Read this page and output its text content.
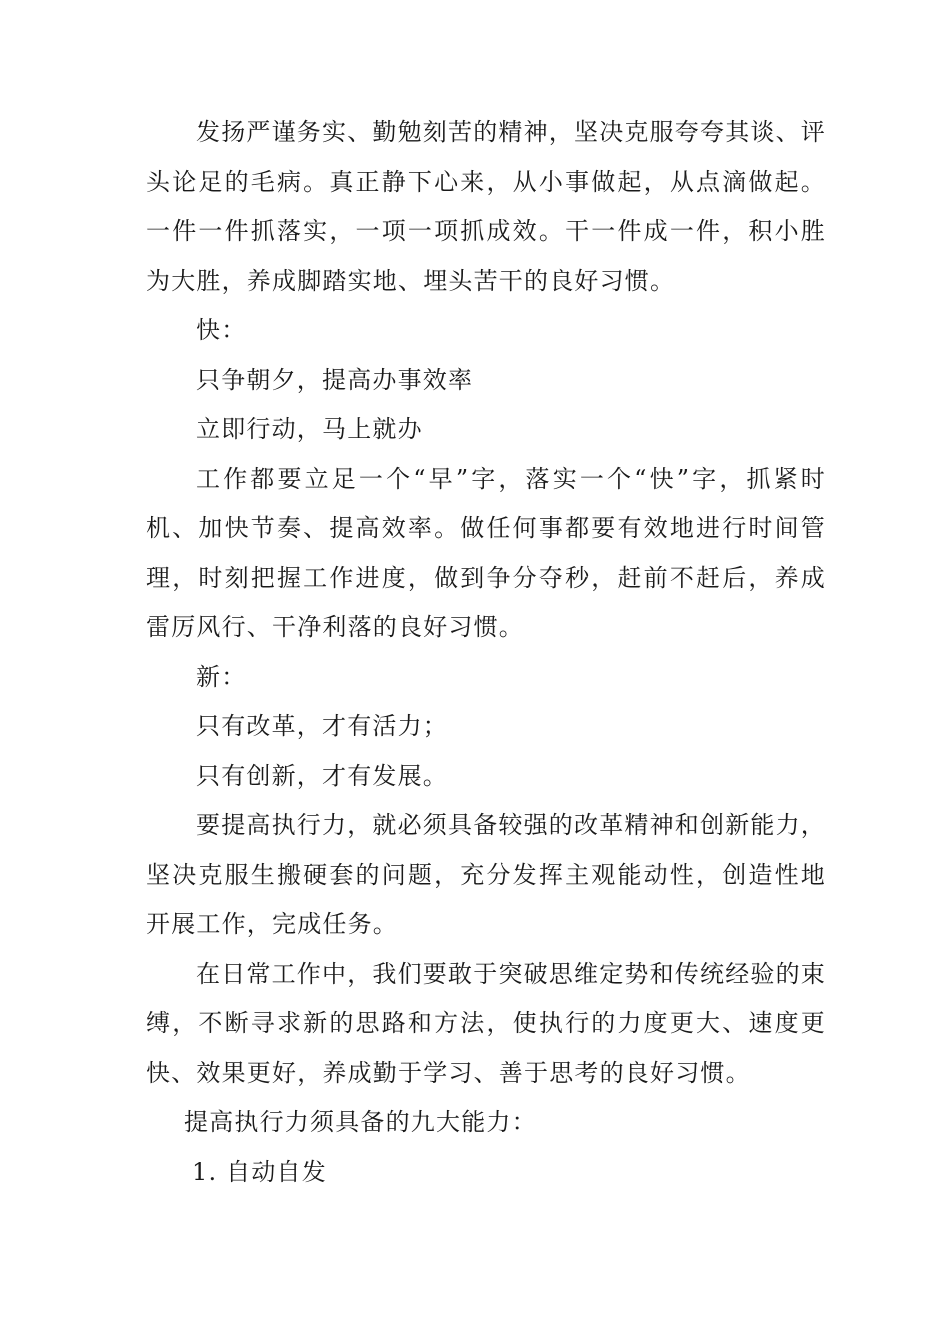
发扬严谨务实、勤勉刻苦的精神，坚决克服夸夸其谈、评头论足的毛病。真正静下心来，从小事做起，从点滴做起。一件一件抓落实，一项一项抓成效。干一件成一件，积小胜为大胜，养成脚踏实地、埋头苦干的良好习惯。

快：

只争朝夕，提高办事效率

立即行动，马上就办

工作都要立足一个“早”字，落实一个“快”字，抓紧时机、加快节奏、提高效率。做任何事都要有效地进行时间管理，时刻把握工作进度，做到争分夺秒，赶前不赶后，养成雷厉风行、干净利落的良好习惯。

新：

只有改革，才有活力；

只有创新，才有发展。

要提高执行力，就必须具备较强的改革精神和创新能力，坚决克服生搬硬套的问题，充分发挥主观能动性，创造性地开展工作，完成任务。

在日常工作中，我们要敢于突破思维定势和传统经验的束缚，不断寻求新的思路和方法，使执行的力度更大、速度更快、效果更好，养成勤于学习、善于思考的良好习惯。

提高执行力须具备的九大能力：

1. 自动自发
